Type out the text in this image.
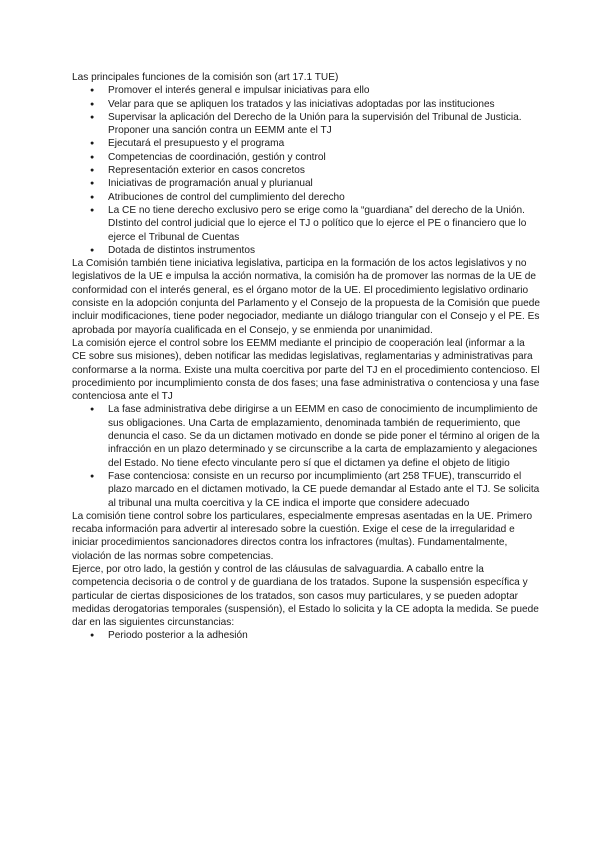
Las principales funciones de la comisión son (art 17.1 TUE)

● Promover el interés general e impulsar iniciativas para ello
● Velar para que se apliquen los tratados y las iniciativas adoptadas por las instituciones
● Supervisar la aplicación del Derecho de la Unión para la supervisión del Tribunal de Justicia. Proponer una sanción contra un EEMM ante el TJ
● Ejecutará el presupuesto y el programa
● Competencias de coordinación, gestión y control
● Representación exterior en casos concretos
● Iniciativas de programación anual y plurianual
● Atribuciones de control del cumplimiento del derecho
● La CE no tiene derecho exclusivo pero se erige como la “guardiana” del derecho de la Unión. DIstinto del control judicial que lo ejerce el TJ o político que lo ejerce el PE o financiero que lo ejerce el Tribunal de Cuentas
● Dotada de distintos instrumentos

La Comisión también tiene iniciativa legislativa, participa en la formación de los actos legislativos y no legislativos de la UE e impulsa la acción normativa, la comisión ha de promover las normas de la UE de conformidad con el interés general, es el órgano motor de la UE. El procedimiento legislativo ordinario consiste en la adopción conjunta del Parlamento y el Consejo de la propuesta de la Comisión que puede incluir modificaciones, tiene poder negociador, mediante un diálogo triangular con el Consejo y el PE. Es aprobada por mayoría cualificada en el Consejo, y se enmienda por unanimidad.

La comisión ejerce el control sobre los EEMM mediante el principio de cooperación leal (informar a la CE sobre sus misiones), deben notificar las medidas legislativas, reglamentarias y administrativas para conformarse a la norma. Existe una multa coercitiva por parte del TJ en el procedimiento contencioso. El procedimiento por incumplimiento consta de dos fases; una fase administrativa o contenciosa y una fase contenciosa ante el TJ

● La fase administrativa debe dirigirse a un EEMM en caso de conocimiento de incumplimiento de sus obligaciones. Una Carta de emplazamiento, denominada también de requerimiento, que denuncia el caso. Se da un dictamen motivado en donde se pide poner el término al origen de la infracción en un plazo determinado y se circunscribe a la carta de emplazamiento y alegaciones del Estado. No tiene efecto vinculante pero sí que el dictamen ya define el objeto de litigio
● Fase contenciosa: consiste en un recurso por incumplimiento (art 258 TFUE), transcurrido el plazo marcado en el dictamen motivado, la CE puede demandar al Estado ante el TJ. Se solicita al tribunal una multa coercitiva y la CE indica el importe que considere adecuado

La comisión tiene control sobre los particulares, especialmente empresas asentadas en la UE. Primero recaba información para advertir al interesado sobre la cuestión. Exige el cese de la irregularidad e iniciar procedimientos sancionadores directos contra los infractores (multas). Fundamentalmente, violación de las normas sobre competencias.

Ejerce, por otro lado, la gestión y control de las cláusulas de salvaguardia. A caballo entre la competencia decisoria o de control y de guardiana de los tratados. Supone la suspensión específica y particular de ciertas disposiciones de los tratados, son casos muy particulares, y se pueden adoptar medidas derogatorias temporales (suspensión), el Estado lo solicita y la CE adopta la medida. Se puede dar en las siguientes circunstancias:

● Periodo posterior a la adhesión
